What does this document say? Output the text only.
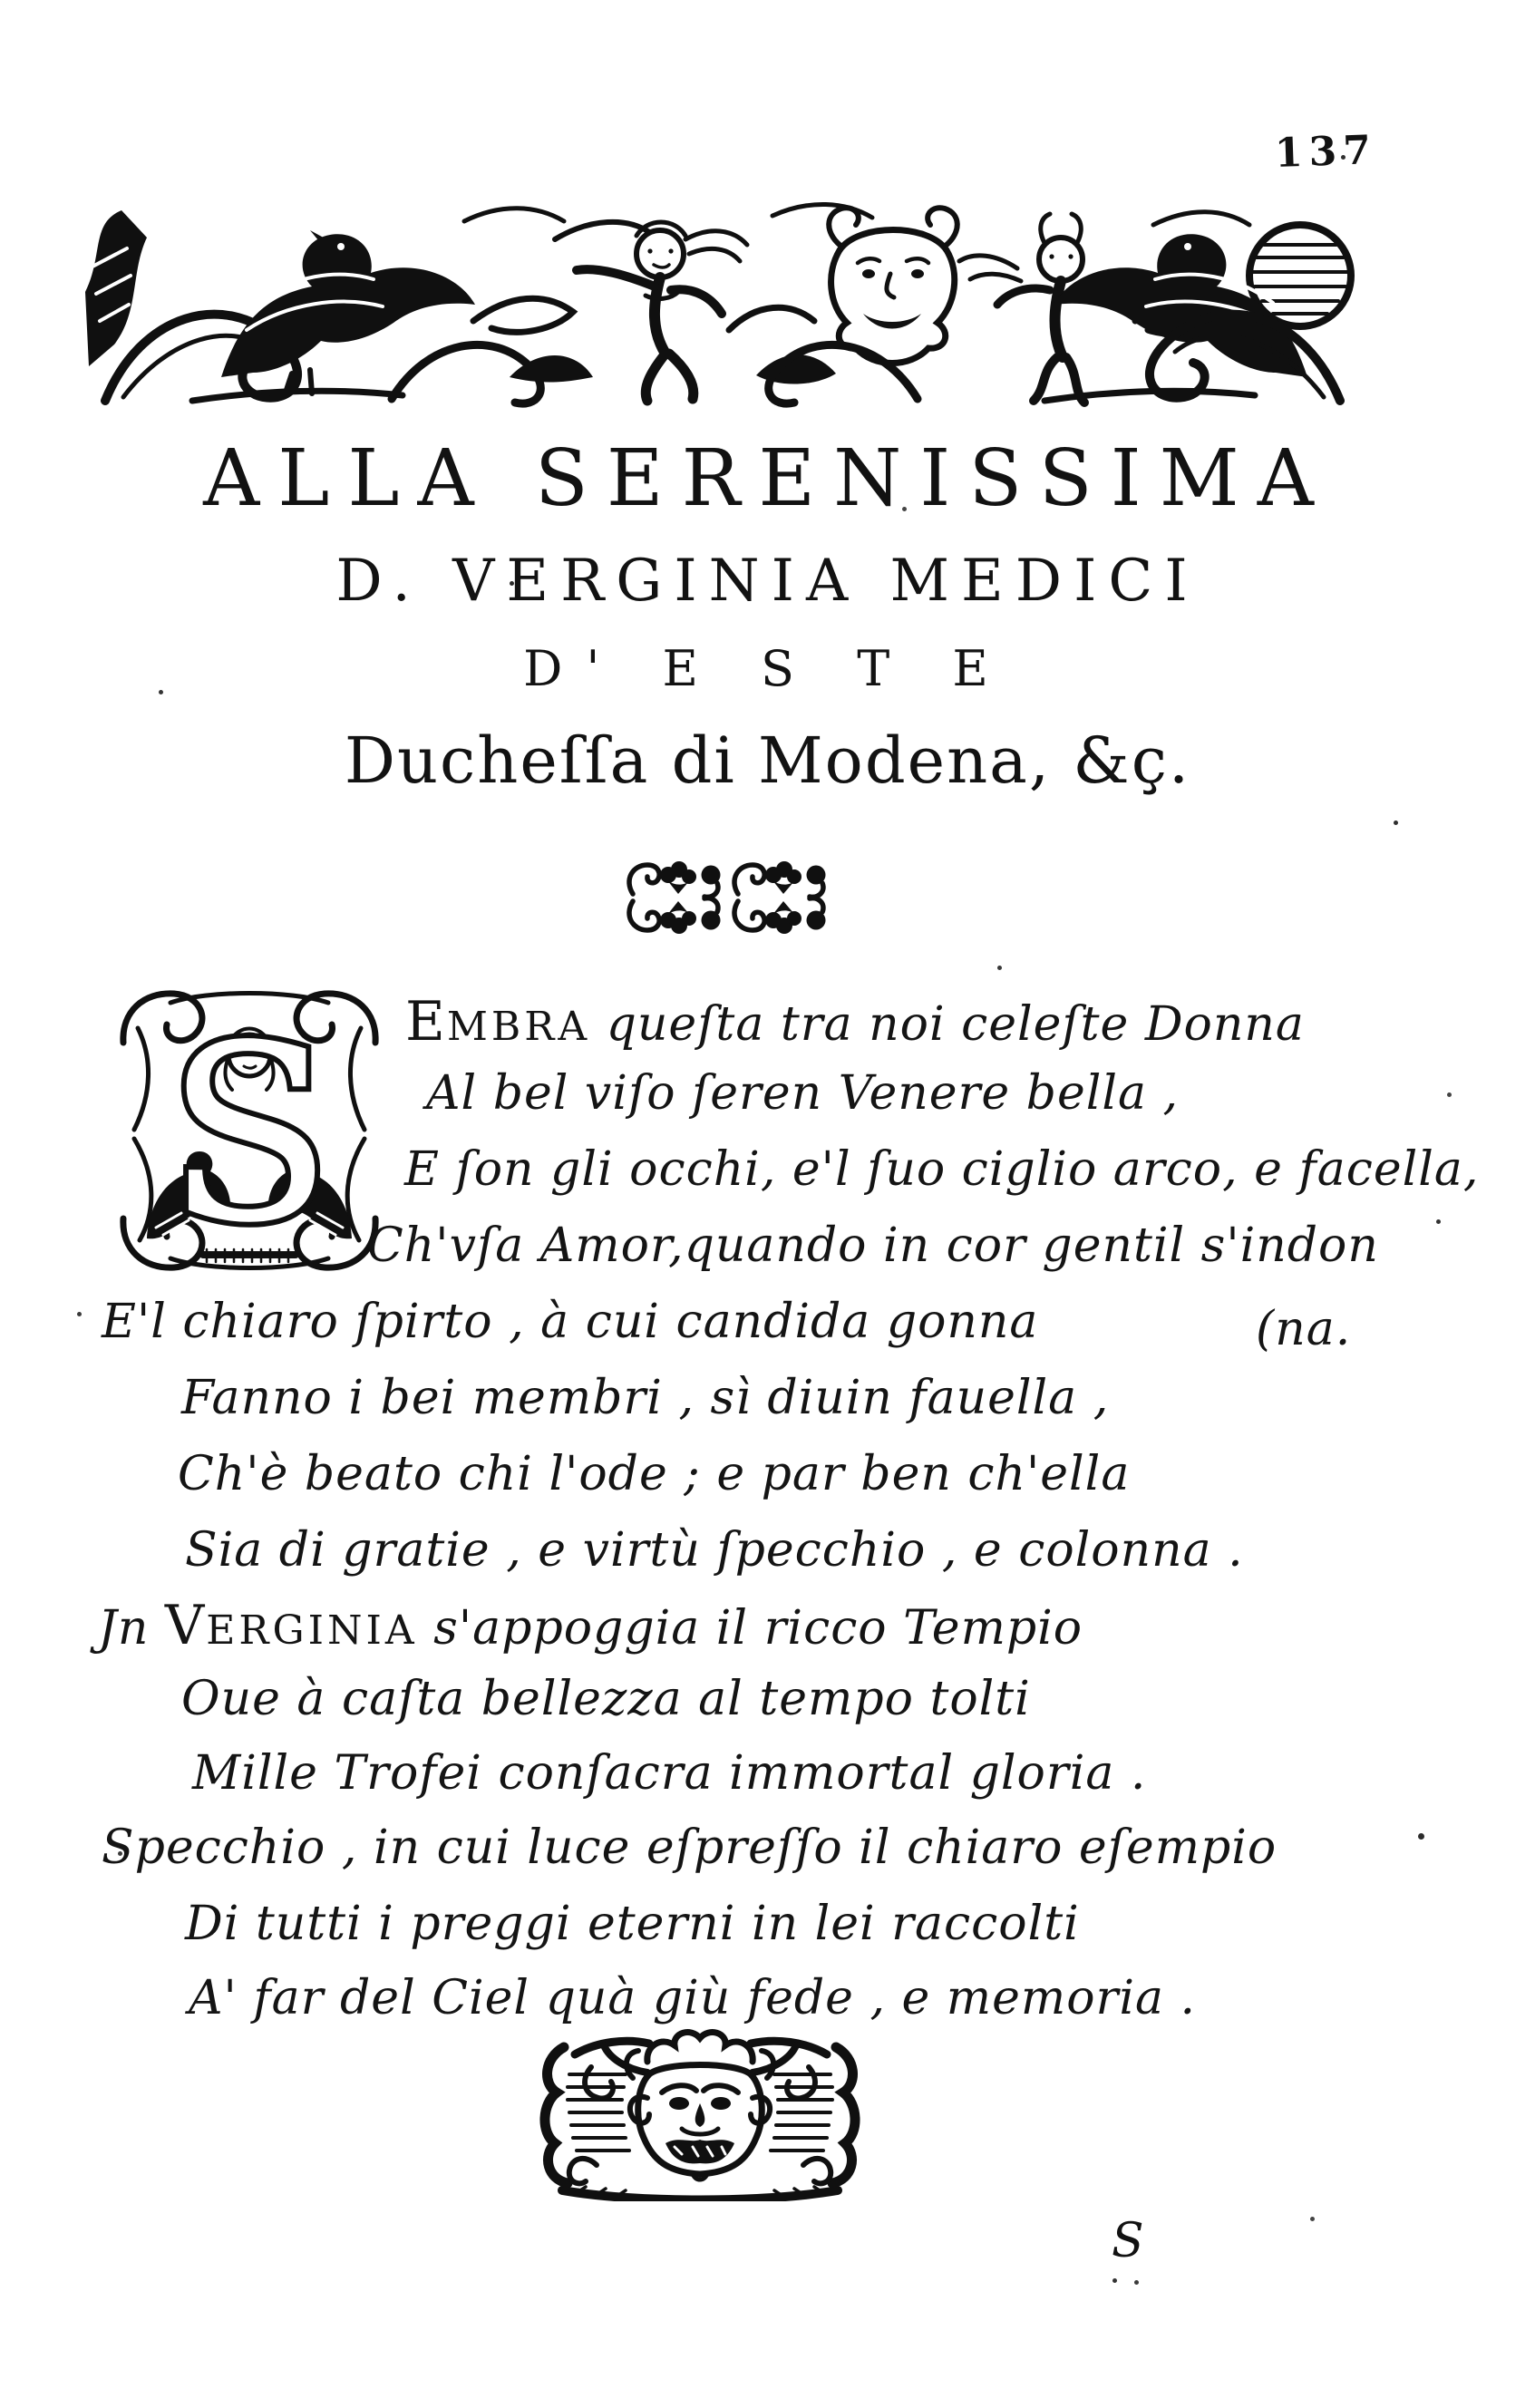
137
ALLA SERENISSIMA
D. VERGINIA MEDICI
D' E S T E
Ducheſſa di Modena, &ç.
S EMBRA queſta tra noi celeſte Donna
Al bel viſo ſeren Venere bella ,
E ſon gli occhi, e'l ſuo ciglio arco, e facella,
Ch'vſa Amor,quando in cor gentil s'indon
E'l chiaro ſpirto , à cui candida gonna	(na.
Fanno i bei membri , sì diuin fauella ,
Ch'è beato chi l'ode ; e par ben ch'ella
Sia di gratie , e virtù ſpecchio , e colonna .
Jn VERGINIA s'appoggia il ricco Tempio
Oue à caſta bellezza al tempo tolti
Mille Trofei conſacra immortal gloria .
Specchio , in cui luce eſpreſſo il chiaro eſempio
Di tutti i preggi eterni in lei raccolti
A' far del Ciel quà giù fede , e memoria .
S
